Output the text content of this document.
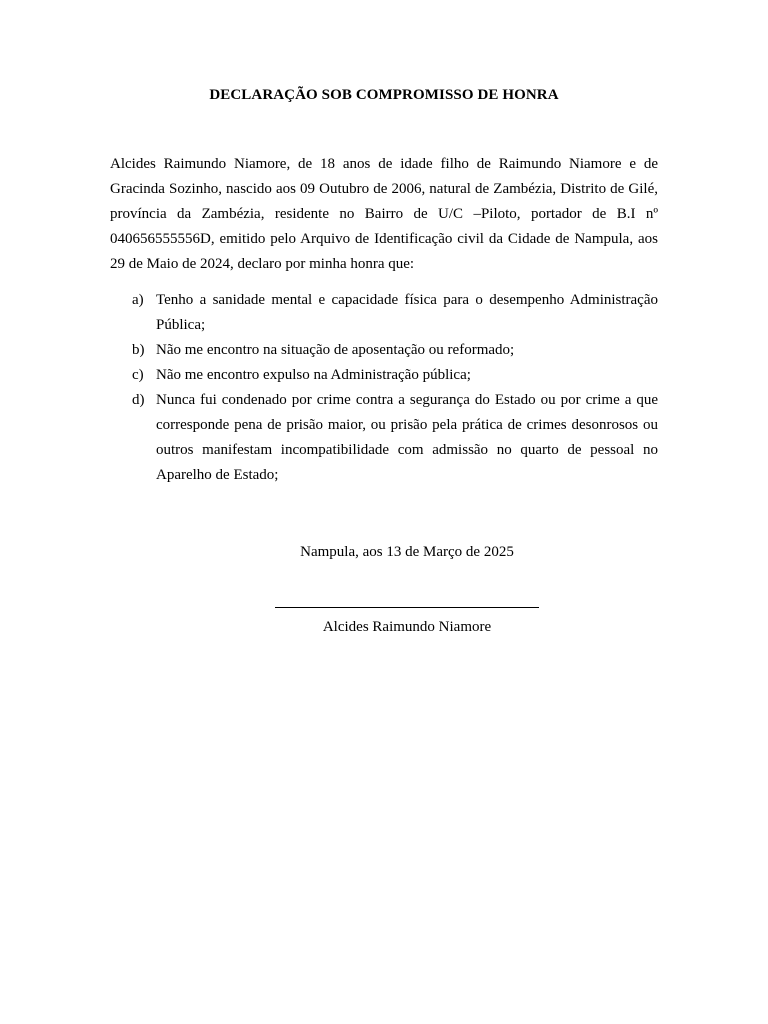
DECLARAÇÃO SOB COMPROMISSO DE HONRA

Alcides Raimundo Niamore, de 18 anos de idade filho de Raimundo Niamore e de Gracinda Sozinho, nascido aos 09 Outubro de 2006, natural de Zambézia, Distrito de Gilé, província da Zambézia, residente no Bairro de U/C –Piloto, portador de B.I nº 040656555556D, emitido pelo Arquivo de Identificação civil da Cidade de Nampula, aos 29 de Maio de 2024, declaro por minha honra que:

a) Tenho a sanidade mental e capacidade física para o desempenho Administração Pública;
b) Não me encontro na situação de aposentação ou reformado;
c) Não me encontro expulso na Administração pública;
d) Nunca fui condenado por crime contra a segurança do Estado ou por crime a que corresponde pena de prisão maior, ou prisão pela prática de crimes desonrosos ou outros manifestam incompatibilidade com admissão no quarto de pessoal no Aparelho de Estado;
Nampula, aos 13 de Março de 2025
Alcides Raimundo Niamore
